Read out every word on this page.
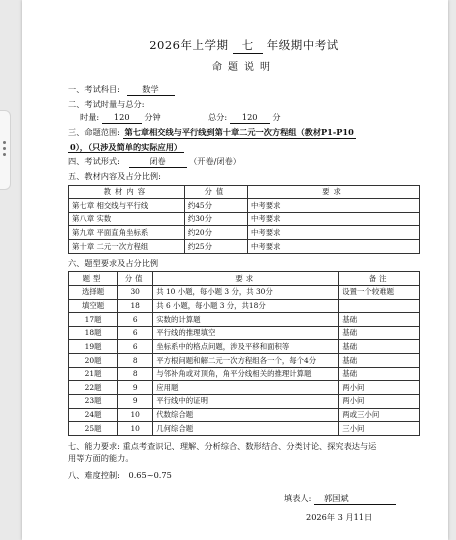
2026年上学期 七 年级期中考试
命题说明
一、考试科目:	数学
二、考试时量与总分:
时量: 120 分钟	总分: 120 分
三、命题范围: 第七章相交线与平行线到第十章二元一次方程组（教材P1-P10
0），（只涉及简单的实际应用）
四、考试形式:	闭卷	（开卷/闭卷）
五、教材内容及占分比例:
教材内容	分值	要求
第七章 相交线与平行线	约45分	中考要求
第八章 实数	约30分	中考要求
第九章 平面直角坐标系	约20分	中考要求
第十章 二元一次方程组	约25分	中考要求
六、题型要求及占分比例
题型	分值	要求	备注
选择题	30	共 10 小题，每小题 3 分，共 30分	设置一个较难题
填空题	18	共 6 小题，每小题 3 分，共18分	
17题	6	实数的计算题	基础
18题	6	平行线的推理填空	基础
19题	6	坐标系中的格点问题，涉及平移和面积等	基础
20题	8	平方根问题和解二元一次方程组各一个，每个4分	基础
21题	8	与邻补角或对顶角，角平分线相关的推理计算题	基础
22题	9	应用题	两小问
23题	9	平行线中的证明	两小问
24题	10	代数综合题	两或三小问
25题	10	几何综合题	三小问
七、能力要求: 重点考查识记、理解、分析综合、数形结合、分类讨论、探究表达与运
用等方面的能力。
八、难度控制: 0.65~0.75
填表人: 郭国斌
2026年 3 月11日
